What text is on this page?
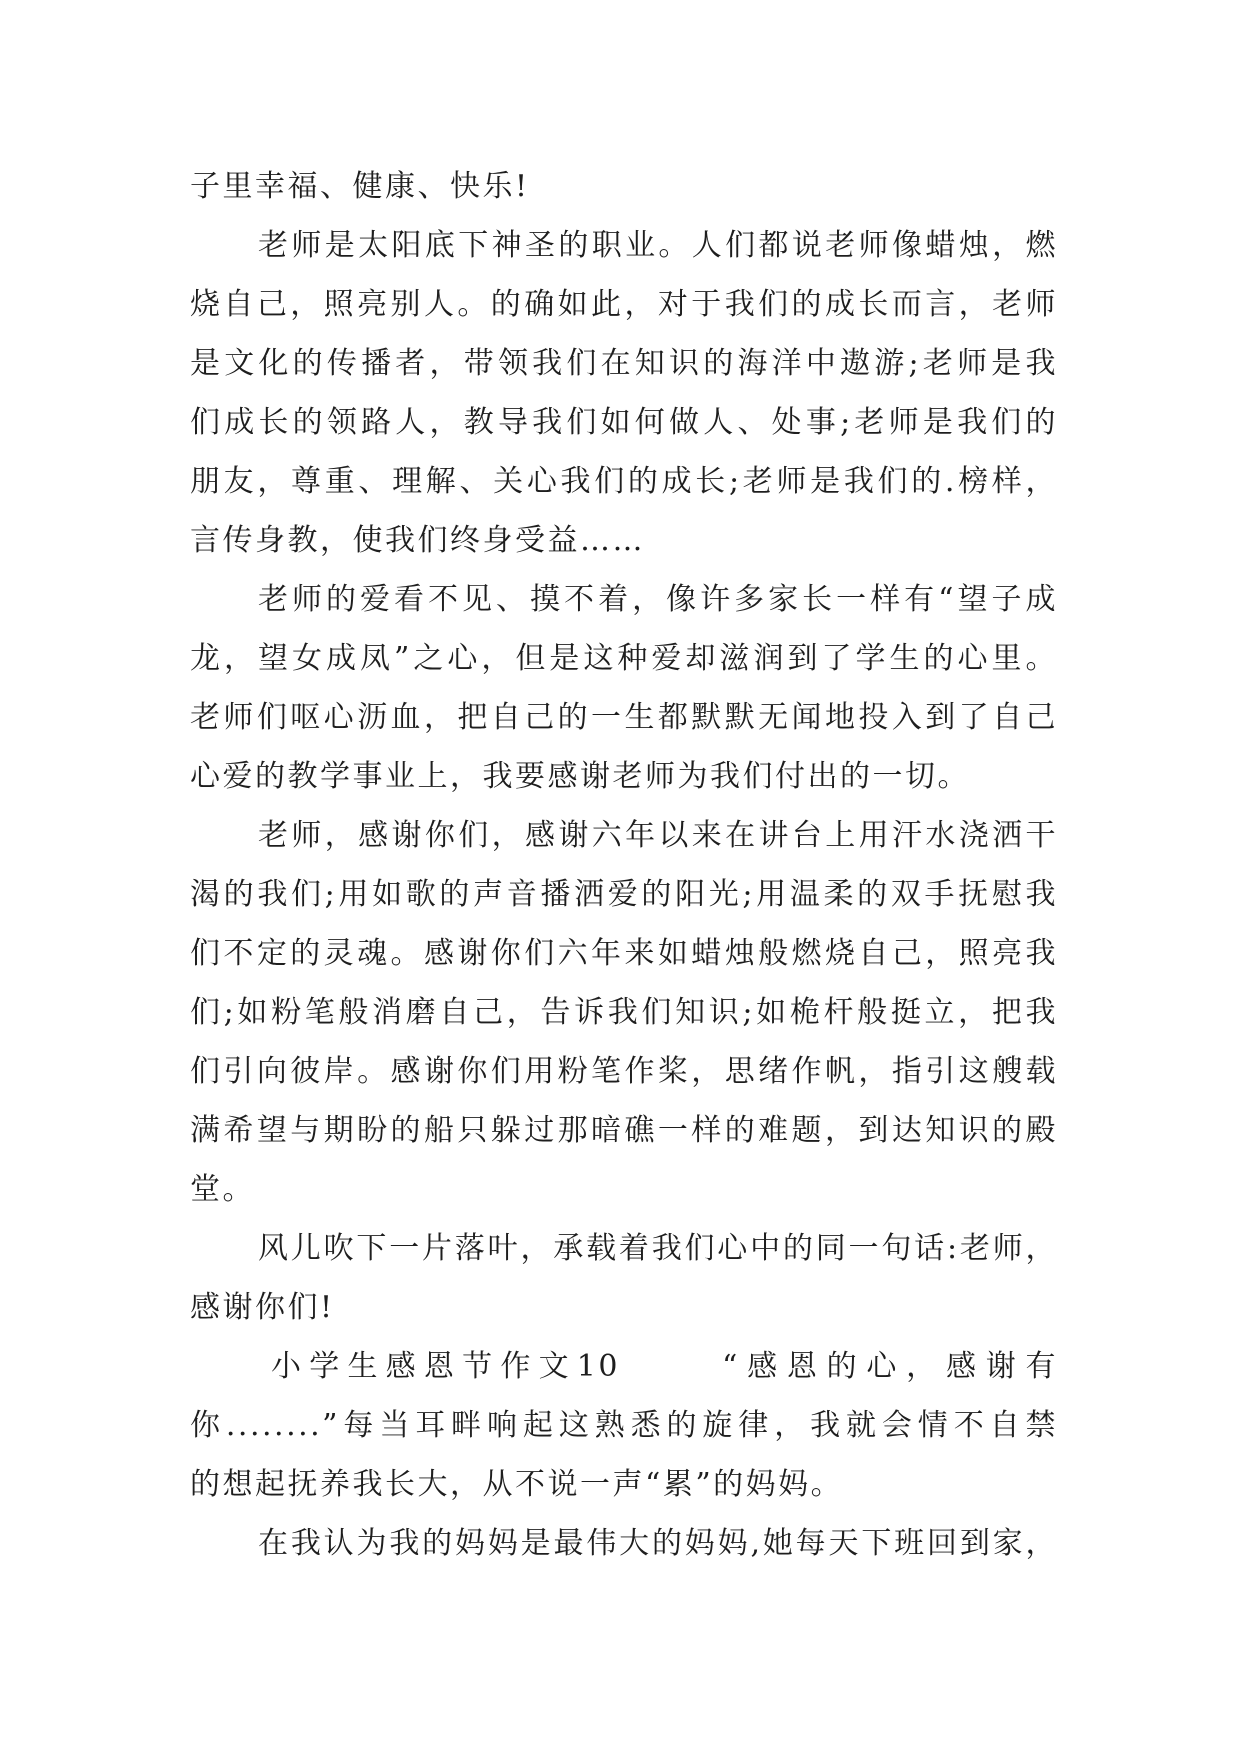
子里幸福、健康、快乐!
老师是太阳底下神圣的职业。人们都说老师像蜡烛，燃
烧自己，照亮别人。的确如此，对于我们的成长而言，老师
是文化的传播者，带领我们在知识的海洋中遨游;老师是我
们成长的领路人，教导我们如何做人、处事;老师是我们的
朋友，尊重、理解、关心我们的成长;老师是我们的.榜样，
言传身教，使我们终身受益……
老师的爱看不见、摸不着，像许多家长一样有“望子成
龙，望女成凤”之心，但是这种爱却滋润到了学生的心里。
老师们呕心沥血，把自己的一生都默默无闻地投入到了自己
心爱的教学事业上，我要感谢老师为我们付出的一切。
老师，感谢你们，感谢六年以来在讲台上用汗水浇洒干
渴的我们;用如歌的声音播洒爱的阳光;用温柔的双手抚慰我
们不定的灵魂。感谢你们六年来如蜡烛般燃烧自己，照亮我
们;如粉笔般消磨自己，告诉我们知识;如桅杆般挺立，把我
们引向彼岸。感谢你们用粉笔作桨，思绪作帆，指引这艘载
满希望与期盼的船只躲过那暗礁一样的难题，到达知识的殿
堂。
风儿吹下一片落叶，承载着我们心中的同一句话:老师，
感谢你们!
小学生感恩节作文10	“感恩的心，感谢有
你........”每当耳畔响起这熟悉的旋律，我就会情不自禁
的想起抚养我长大，从不说一声“累”的妈妈。
在我认为我的妈妈是最伟大的妈妈,她每天下班回到家，
